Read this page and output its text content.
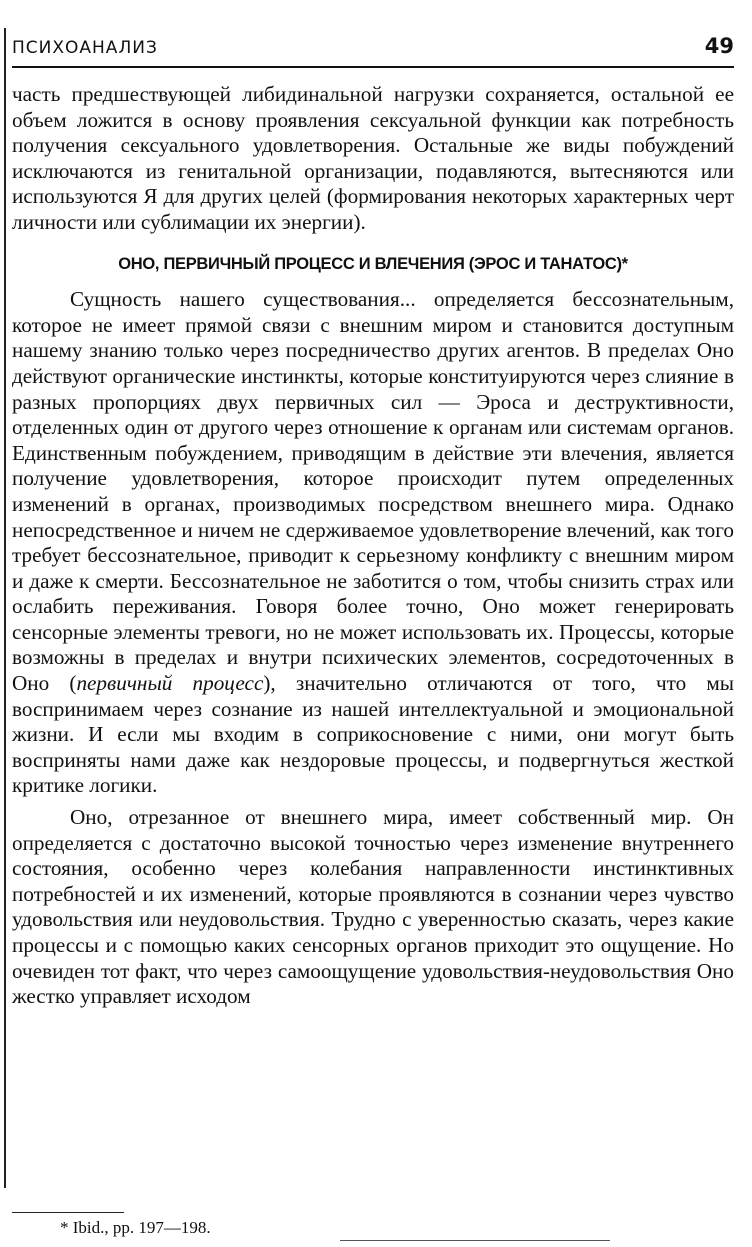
ПСИХОАНАЛИЗ	49

часть предшествующей либидинальной нагрузки сохраняется, остальной ее объем ложится в основу проявления сексуальной функции как потребность получения сексуального удовлетворения. Остальные же виды побуждений исключаются из генитальной организации, подавляются, вытесняются или используются Я для других целей (формирования некоторых характерных черт личности или сублимации их энергии).

ОНО, ПЕРВИЧНЫЙ ПРОЦЕСС И ВЛЕЧЕНИЯ (ЭРОС И ТАНАТОС)*

Сущность нашего существования... определяется бессознательным, которое не имеет прямой связи с внешним миром и становится доступным нашему знанию только через посредничество других агентов. В пределах Оно действуют органические инстинкты, которые конституируются через слияние в разных пропорциях двух первичных сил — Эроса и деструктивности, отделенных один от другого через отношение к органам или системам органов. Единственным побуждением, приводящим в действие эти влечения, является получение удовлетворения, которое происходит путем определенных изменений в органах, производимых посредством внешнего мира. Однако непосредственное и ничем не сдерживаемое удовлетворение влечений, как того требует бессознательное, приводит к серьезному конфликту с внешним миром и даже к смерти. Бессознательное не заботится о том, чтобы снизить страх или ослабить переживания. Говоря более точно, Оно может генерировать сенсорные элементы тревоги, но не может использовать их. Процессы, которые возможны в пределах и внутри психических элементов, сосредоточенных в Оно (первичный процесс), значительно отличаются от того, что мы воспринимаем через сознание из нашей интеллектуальной и эмоциональной жизни. И если мы входим в соприкосновение с ними, они могут быть восприняты нами даже как нездоровые процессы, и подвергнуться жесткой критике логики.

Оно, отрезанное от внешнего мира, имеет собственный мир. Он определяется с достаточно высокой точностью через изменение внутреннего состояния, особенно через колебания направленности инстинктивных потребностей и их изменений, которые проявляются в сознании через чувство удовольствия или неудовольствия. Трудно с уверенностью сказать, через какие процессы и с помощью каких сенсорных органов приходит это ощущение. Но очевиден тот факт, что через самоощущение удовольствия-неудовольствия Оно жестко управляет исходом

* Ibid., pp. 197—198.
